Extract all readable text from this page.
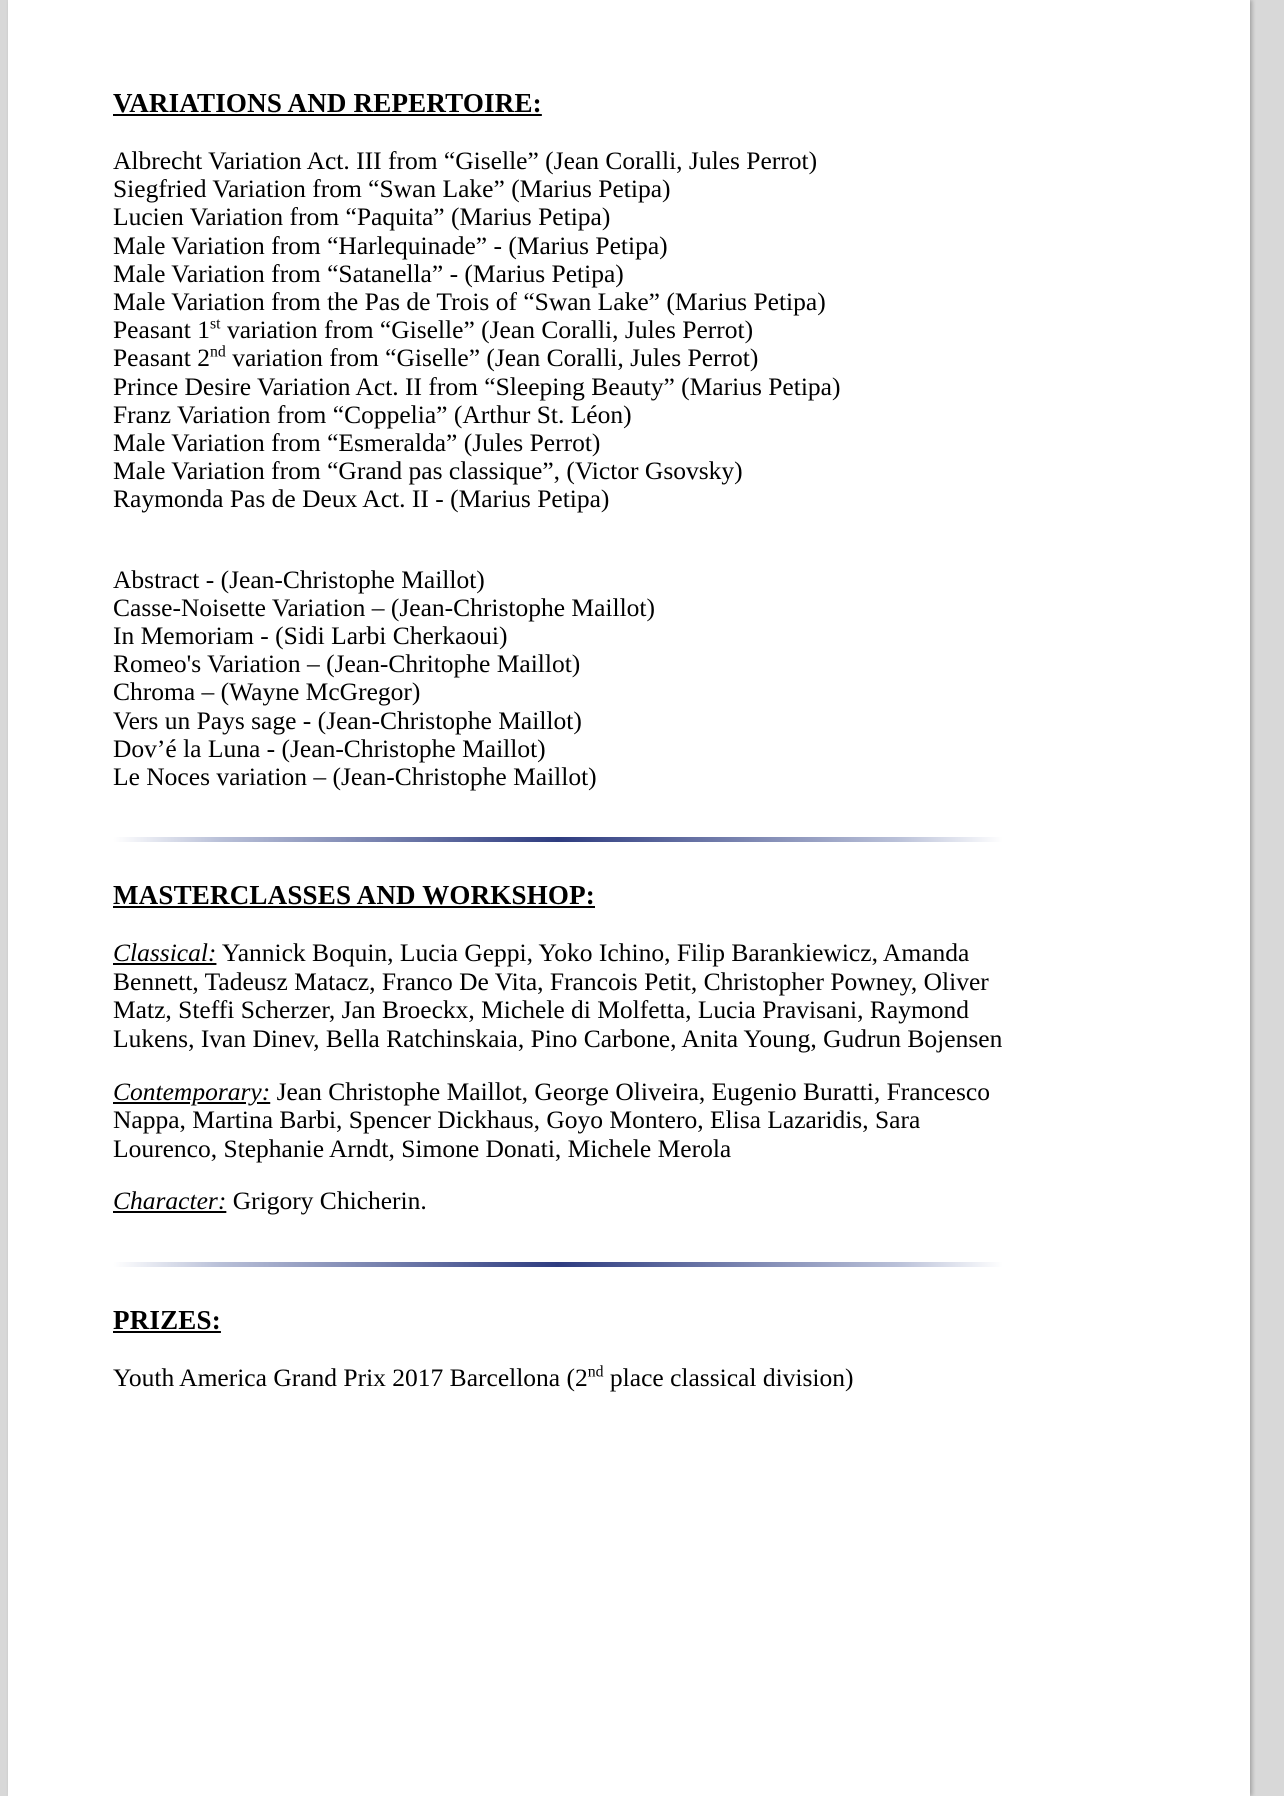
VARIATIONS AND REPERTOIRE:
Albrecht Variation Act. III from “Giselle” (Jean Coralli, Jules Perrot)
Siegfried Variation from “Swan Lake” (Marius Petipa)
Lucien Variation from “Paquita” (Marius Petipa)
Male Variation from “Harlequinade” - (Marius Petipa)
Male Variation from “Satanella” - (Marius Petipa)
Male Variation from the Pas de Trois of “Swan Lake” (Marius Petipa)
Peasant 1st variation from “Giselle” (Jean Coralli, Jules Perrot)
Peasant 2nd variation from “Giselle” (Jean Coralli, Jules Perrot)
Prince Desire Variation Act. II from “Sleeping Beauty” (Marius Petipa)
Franz Variation from “Coppelia” (Arthur St. Léon)
Male Variation from “Esmeralda” (Jules Perrot)
Male Variation from “Grand pas classique”, (Victor Gsovsky)
Raymonda Pas de Deux Act. II - (Marius Petipa)
Abstract - (Jean-Christophe Maillot)
Casse-Noisette Variation – (Jean-Christophe Maillot)
In Memoriam - (Sidi Larbi Cherkaoui)
Romeo's Variation – (Jean-Chritophe Maillot)
Chroma – (Wayne McGregor)
Vers un Pays sage - (Jean-Christophe Maillot)
Dov’é la Luna - (Jean-Christophe Maillot)
Le Noces variation – (Jean-Christophe Maillot)
MASTERCLASSES AND WORKSHOP:

Classical: Yannick Boquin, Lucia Geppi, Yoko Ichino, Filip Barankiewicz, Amanda Bennett, Tadeusz Matacz, Franco De Vita, Francois Petit, Christopher Powney, Oliver Matz, Steffi Scherzer, Jan Broeckx, Michele di Molfetta, Lucia Pravisani, Raymond Lukens, Ivan Dinev, Bella Ratchinskaia, Pino Carbone, Anita Young, Gudrun Bojensen

Contemporary: Jean Christophe Maillot, George Oliveira, Eugenio Buratti, Francesco Nappa, Martina Barbi, Spencer Dickhaus, Goyo Montero, Elisa Lazaridis, Sara Lourenco, Stephanie Arndt, Simone Donati, Michele Merola

Character: Grigory Chicherin.

PRIZES:

Youth America Grand Prix 2017 Barcellona (2nd place classical division)
